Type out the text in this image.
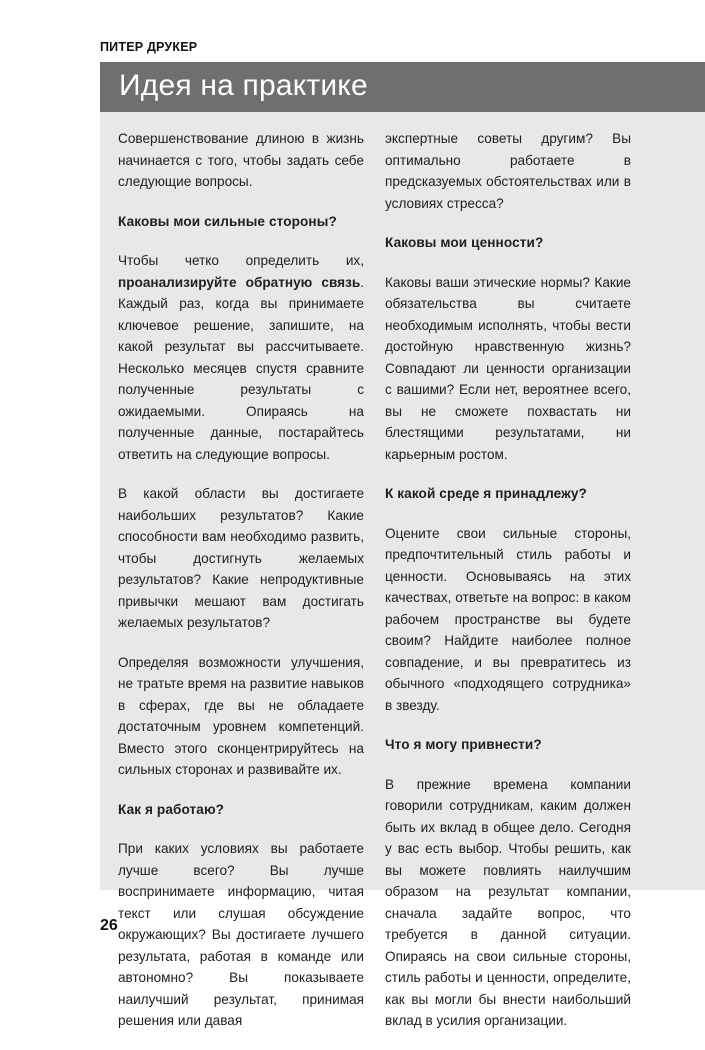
ПИТЕР ДРУКЕР
Идея на практике

Совершенствование длиною в жизнь начинается с того, чтобы задать себе следующие вопросы.

Каковы мои сильные стороны?

Чтобы четко определить их, проанализируйте обратную связь. Каждый раз, когда вы принимаете ключевое решение, запишите, на какой результат вы рассчитываете. Несколько месяцев спустя сравните полученные результаты с ожидаемыми. Опираясь на полученные данные, постарайтесь ответить на следующие вопросы.

В какой области вы достигаете наибольших результатов? Какие способности вам необходимо развить, чтобы достигнуть желаемых результатов? Какие непродуктивные привычки мешают вам достигать желаемых результатов?

Определяя возможности улучшения, не тратьте время на развитие навыков в сферах, где вы не обладаете достаточным уровнем компетенций. Вместо этого сконцентрируйтесь на сильных сторонах и развивайте их.

Как я работаю?

При каких условиях вы работаете лучше всего? Вы лучше воспринимаете информацию, читая текст или слушая обсуждение окружающих? Вы достигаете лучшего результата, работая в команде или автономно? Вы показываете наилучший результат, принимая решения или давая

экспертные советы другим? Вы оптимально работаете в предсказуемых обстоятельствах или в условиях стресса?

Каковы мои ценности?

Каковы ваши этические нормы? Какие обязательства вы считаете необходимым исполнять, чтобы вести достойную нравственную жизнь? Совпадают ли ценности организации с вашими? Если нет, вероятнее всего, вы не сможете похвастать ни блестящими результатами, ни карьерным ростом.

К какой среде я принадлежу?

Оцените свои сильные стороны, предпочтительный стиль работы и ценности. Основываясь на этих качествах, ответьте на вопрос: в каком рабочем пространстве вы будете своим? Найдите наиболее полное совпадение, и вы превратитесь из обычного «подходящего сотрудника» в звезду.

Что я могу привнести?

В прежние времена компании говорили сотрудникам, каким должен быть их вклад в общее дело. Сегодня у вас есть выбор. Чтобы решить, как вы можете повлиять наилучшим образом на результат компании, сначала задайте вопрос, что требуется в данной ситуации. Опираясь на свои сильные стороны, стиль работы и ценности, определите, как вы могли бы внести наибольший вклад в усилия организации.

26
